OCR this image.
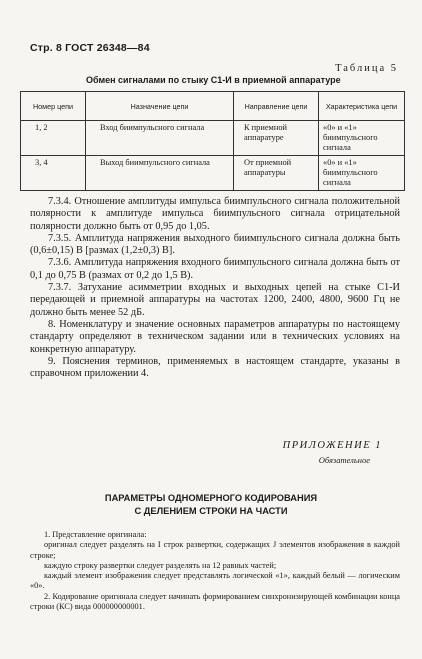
Стр. 8 ГОСТ 26348—84
Таблица 5
Обмен сигналами по стыку С1-И в приемной аппаратуре
Номер цепи	Назначение цепи	Направление цепи	Характеристика цепи
1, 2	Вход биимпульсного сигнала	К приемной аппаратуре	«0» и «1» биимпульсного сигнала
3, 4	Выход биимпульсного сигнала	От приемной аппаратуры	«0» и «1» биимпульсного сигнала

7.3.4. Отношение амплитуды импульса биимпульсного сигнала положительной полярности к амплитуде импульса биимпульсного сигнала отрицательной полярности должно быть от 0,95 до 1,05.

7.3.5. Амплитуда напряжения выходного биимпульсного сигнала должна быть (0,6±0,15) В [размах (1,2±0,3) В].

7.3.6. Амплитуда напряжения входного биимпульсного сигнала должна быть от 0,1 до 0,75 В (размах от 0,2 до 1,5 В).

7.3.7. Затухание асимметрии входных и выходных цепей на стыке С1-И передающей и приемной аппаратуры на частотах 1200, 2400, 4800, 9600 Гц не должно быть менее 52 дБ.

8. Номенклатуру и значение основных параметров аппаратуры по настоящему стандарту определяют в техническом задании или в технических условиях на конкретную аппаратуру.

9. Пояснения терминов, применяемых в настоящем стандарте, указаны в справочном приложении 4.

ПРИЛОЖЕНИЕ 1
Обязательное
ПАРАМЕТРЫ ОДНОМЕРНОГО КОДИРОВАНИЯ
С ДЕЛЕНИЕМ СТРОКИ НА ЧАСТИ

1. Представление оригинала:

оригинал следует разделять на I строк развертки, содержащих J элементов изображения в каждой строке;

каждую строку развертки следует разделять на 12 равных частей;

каждый элемент изображения следует представлять логической «1», каждый белый — логическим «0».

2. Кодирование оригинала следует начинать формированием синхронизирующей комбинации конца строки (КС) вида 000000000001.
